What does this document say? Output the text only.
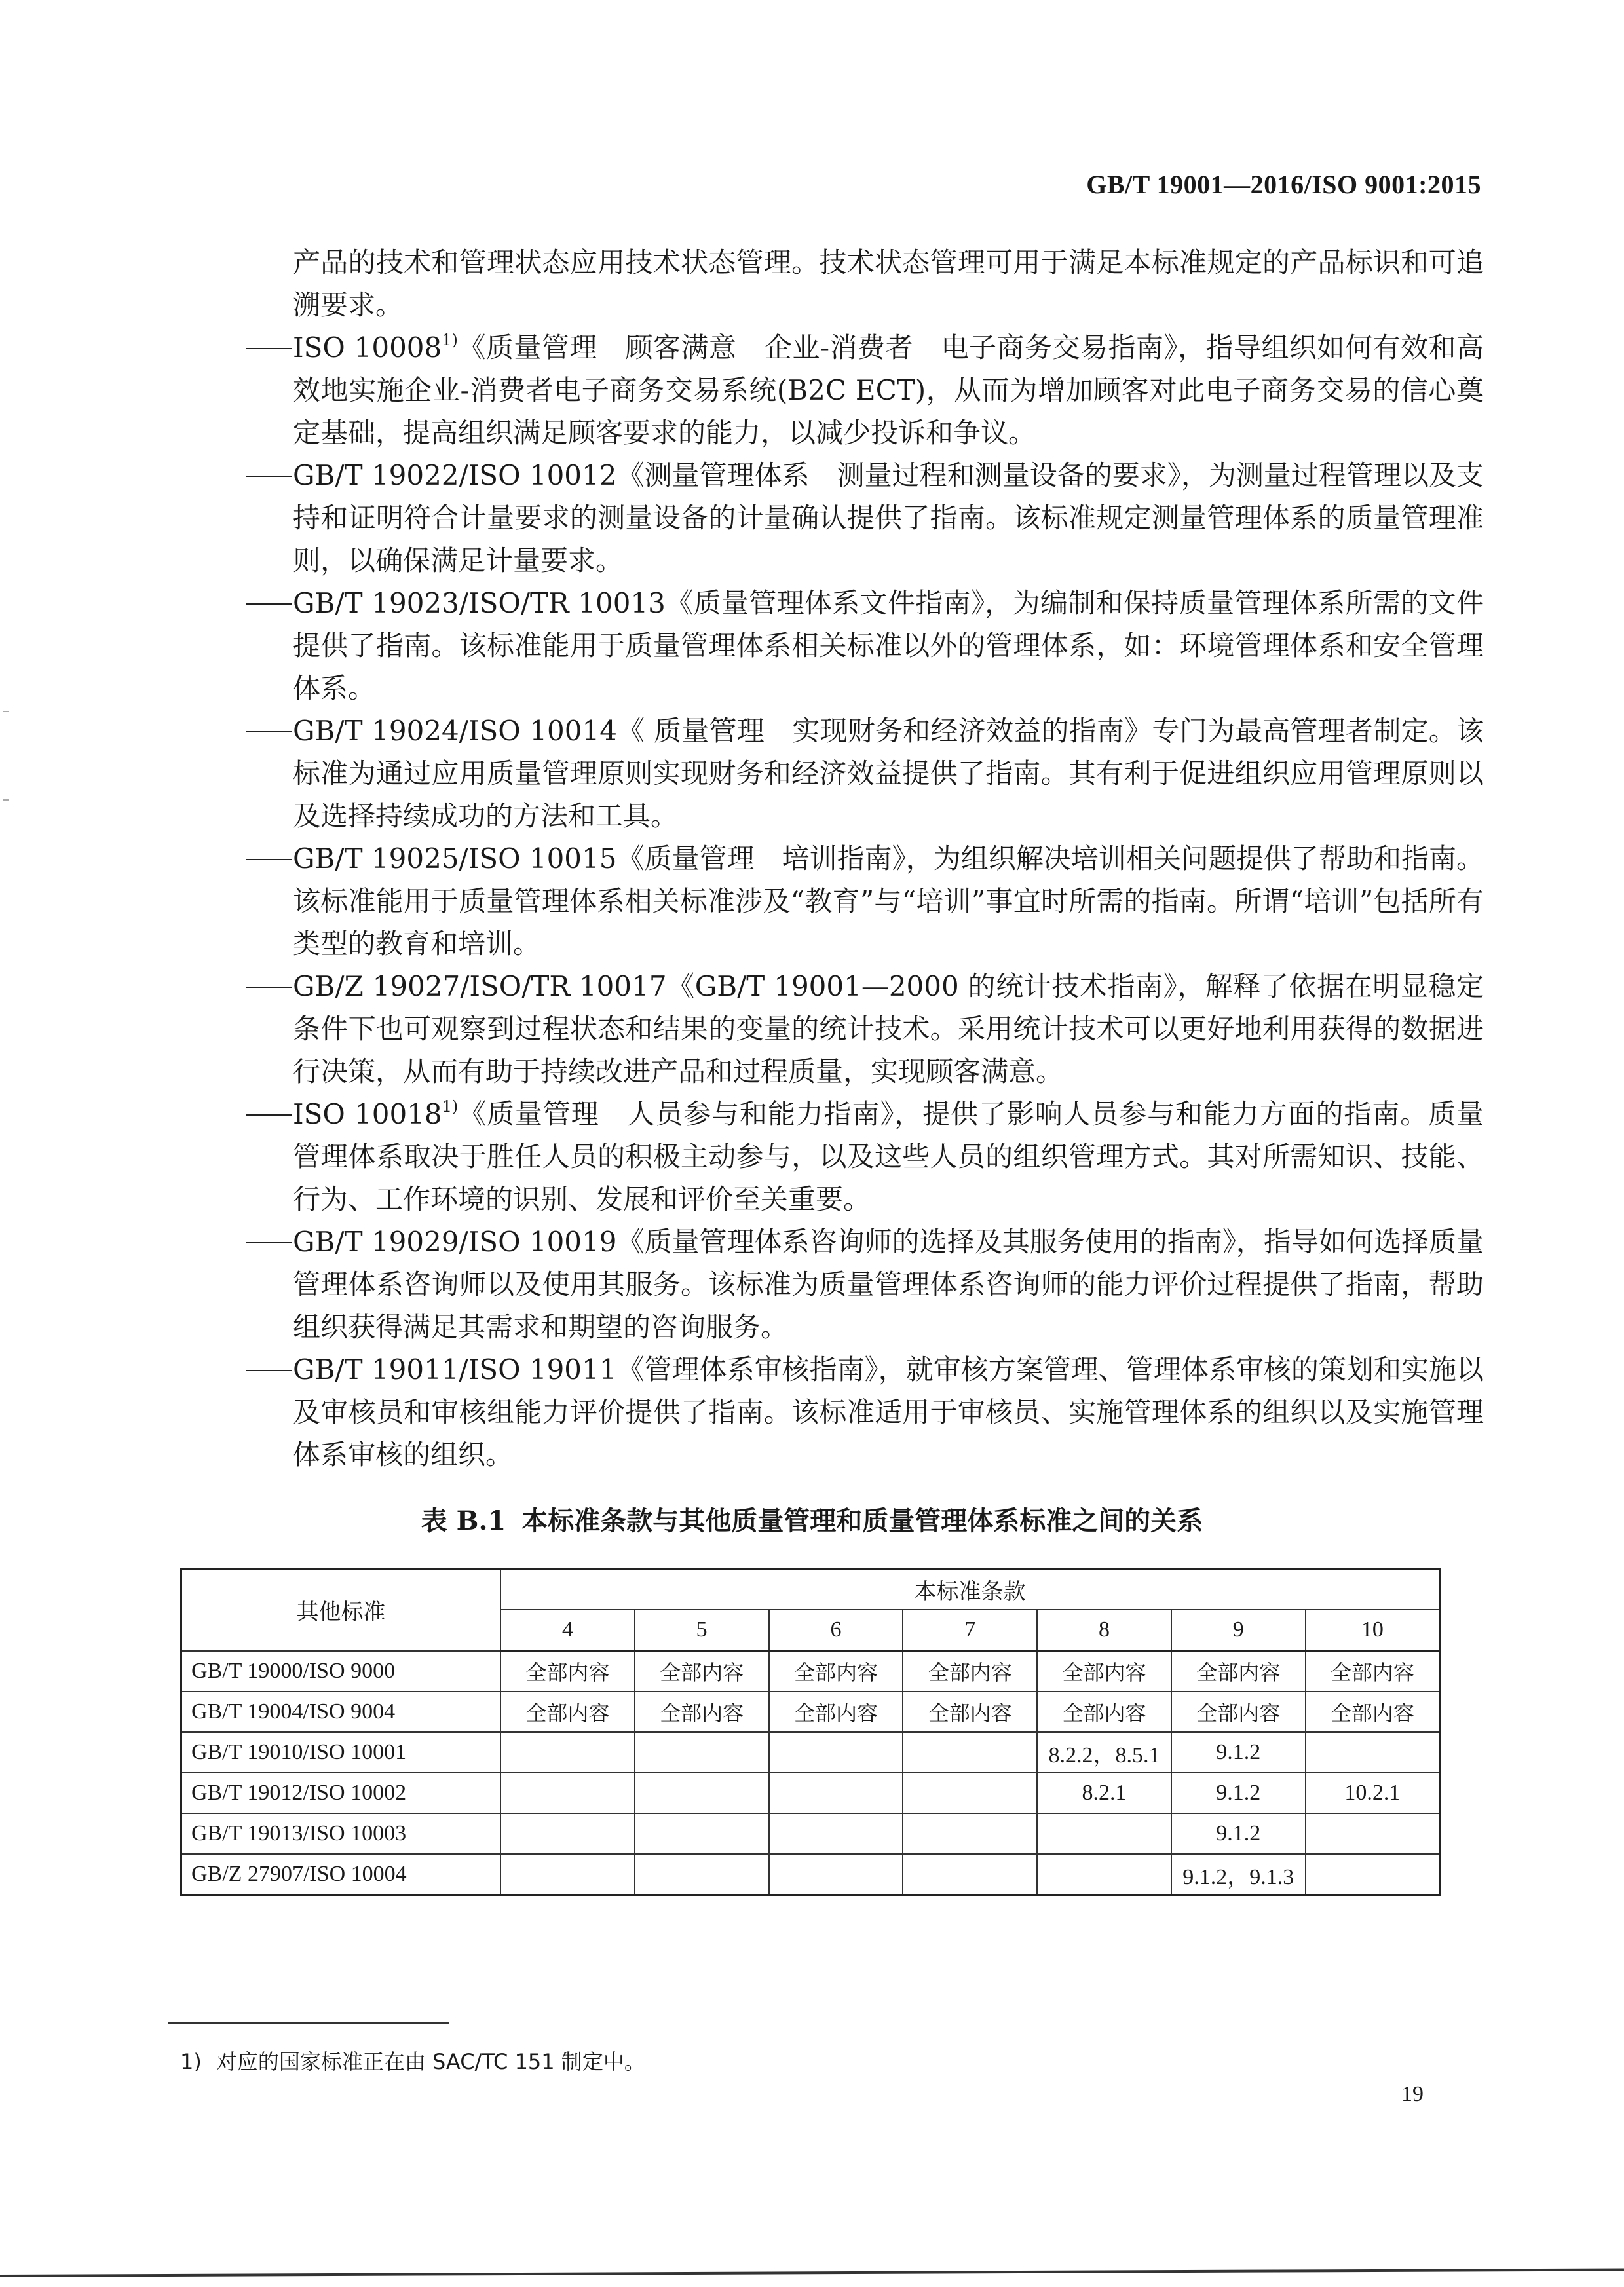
GB/T 19001—2016/ISO 9001:2015

产品的技术和管理状态应用技术状态管理。技术状态管理可用于满足本标准规定的产品标识和可追溯要求。

ISO 10008$^{1)}$《质量管理　顾客满意　企业-消费者　电子商务交易指南》，指导组织如何有效和高效地实施企业-消费者电子商务交易系统(B2C ECT)，从而为增加顾客对此电子商务交易的信心奠定基础，提高组织满足顾客要求的能力，以减少投诉和争议。

GB/T 19022/ISO 10012《测量管理体系　测量过程和测量设备的要求》，为测量过程管理以及支持和证明符合计量要求的测量设备的计量确认提供了指南。该标准规定测量管理体系的质量管理准则，以确保满足计量要求。

GB/T 19023/ISO/TR 10013《质量管理体系文件指南》，为编制和保持质量管理体系所需的文件提供了指南。该标准能用于质量管理体系相关标准以外的管理体系，如：环境管理体系和安全管理体系。

GB/T 19024/ISO 10014《 质量管理　实现财务和经济效益的指南》专门为最高管理者制定。该标准为通过应用质量管理原则实现财务和经济效益提供了指南。其有利于促进组织应用管理原则以及选择持续成功的方法和工具。

GB/T 19025/ISO 10015《质量管理　培训指南》，为组织解决培训相关问题提供了帮助和指南。该标准能用于质量管理体系相关标准涉及“教育”与“培训”事宜时所需的指南。所谓“培训”包括所有类型的教育和培训。

GB/Z 19027/ISO/TR 10017《GB/T 19001—2000 的统计技术指南》，解释了依据在明显稳定条件下也可观察到过程状态和结果的变量的统计技术。采用统计技术可以更好地利用获得的数据进行决策，从而有助于持续改进产品和过程质量，实现顾客满意。

ISO 10018$^{1)}$《质量管理　人员参与和能力指南》，提供了影响人员参与和能力方面的指南。质量管理体系取决于胜任人员的积极主动参与，以及这些人员的组织管理方式。其对所需知识、技能、行为、工作环境的识别、发展和评价至关重要。

GB/T 19029/ISO 10019《质量管理体系咨询师的选择及其服务使用的指南》，指导如何选择质量管理体系咨询师以及使用其服务。该标准为质量管理体系咨询师的能力评价过程提供了指南，帮助组织获得满足其需求和期望的咨询服务。

GB/T 19011/ISO 19011《管理体系审核指南》，就审核方案管理、管理体系审核的策划和实施以及审核员和审核组能力评价提供了指南。该标准适用于审核员、实施管理体系的组织以及实施管理体系审核的组织。

表 B.1 本标准条款与其他质量管理和质量管理体系标准之间的关系
其他标准	本标准条款						
	4	5	6	7	8	9	10
GB/T 19000/ISO 9000	全部内容	全部内容	全部内容	全部内容	全部内容	全部内容	全部内容
GB/T 19004/ISO 9004	全部内容	全部内容	全部内容	全部内容	全部内容	全部内容	全部内容
GB/T 19010/ISO 10001					8.2.2，8.5.1	9.1.2	
GB/T 19012/ISO 10002					8.2.1	9.1.2	10.2.1
GB/T 19013/ISO 10003						9.1.2	
GB/Z 27907/ISO 10004						9.1.2，9.1.3	
1) 对应的国家标准正在由 SAC/TC 151 制定中。
19
